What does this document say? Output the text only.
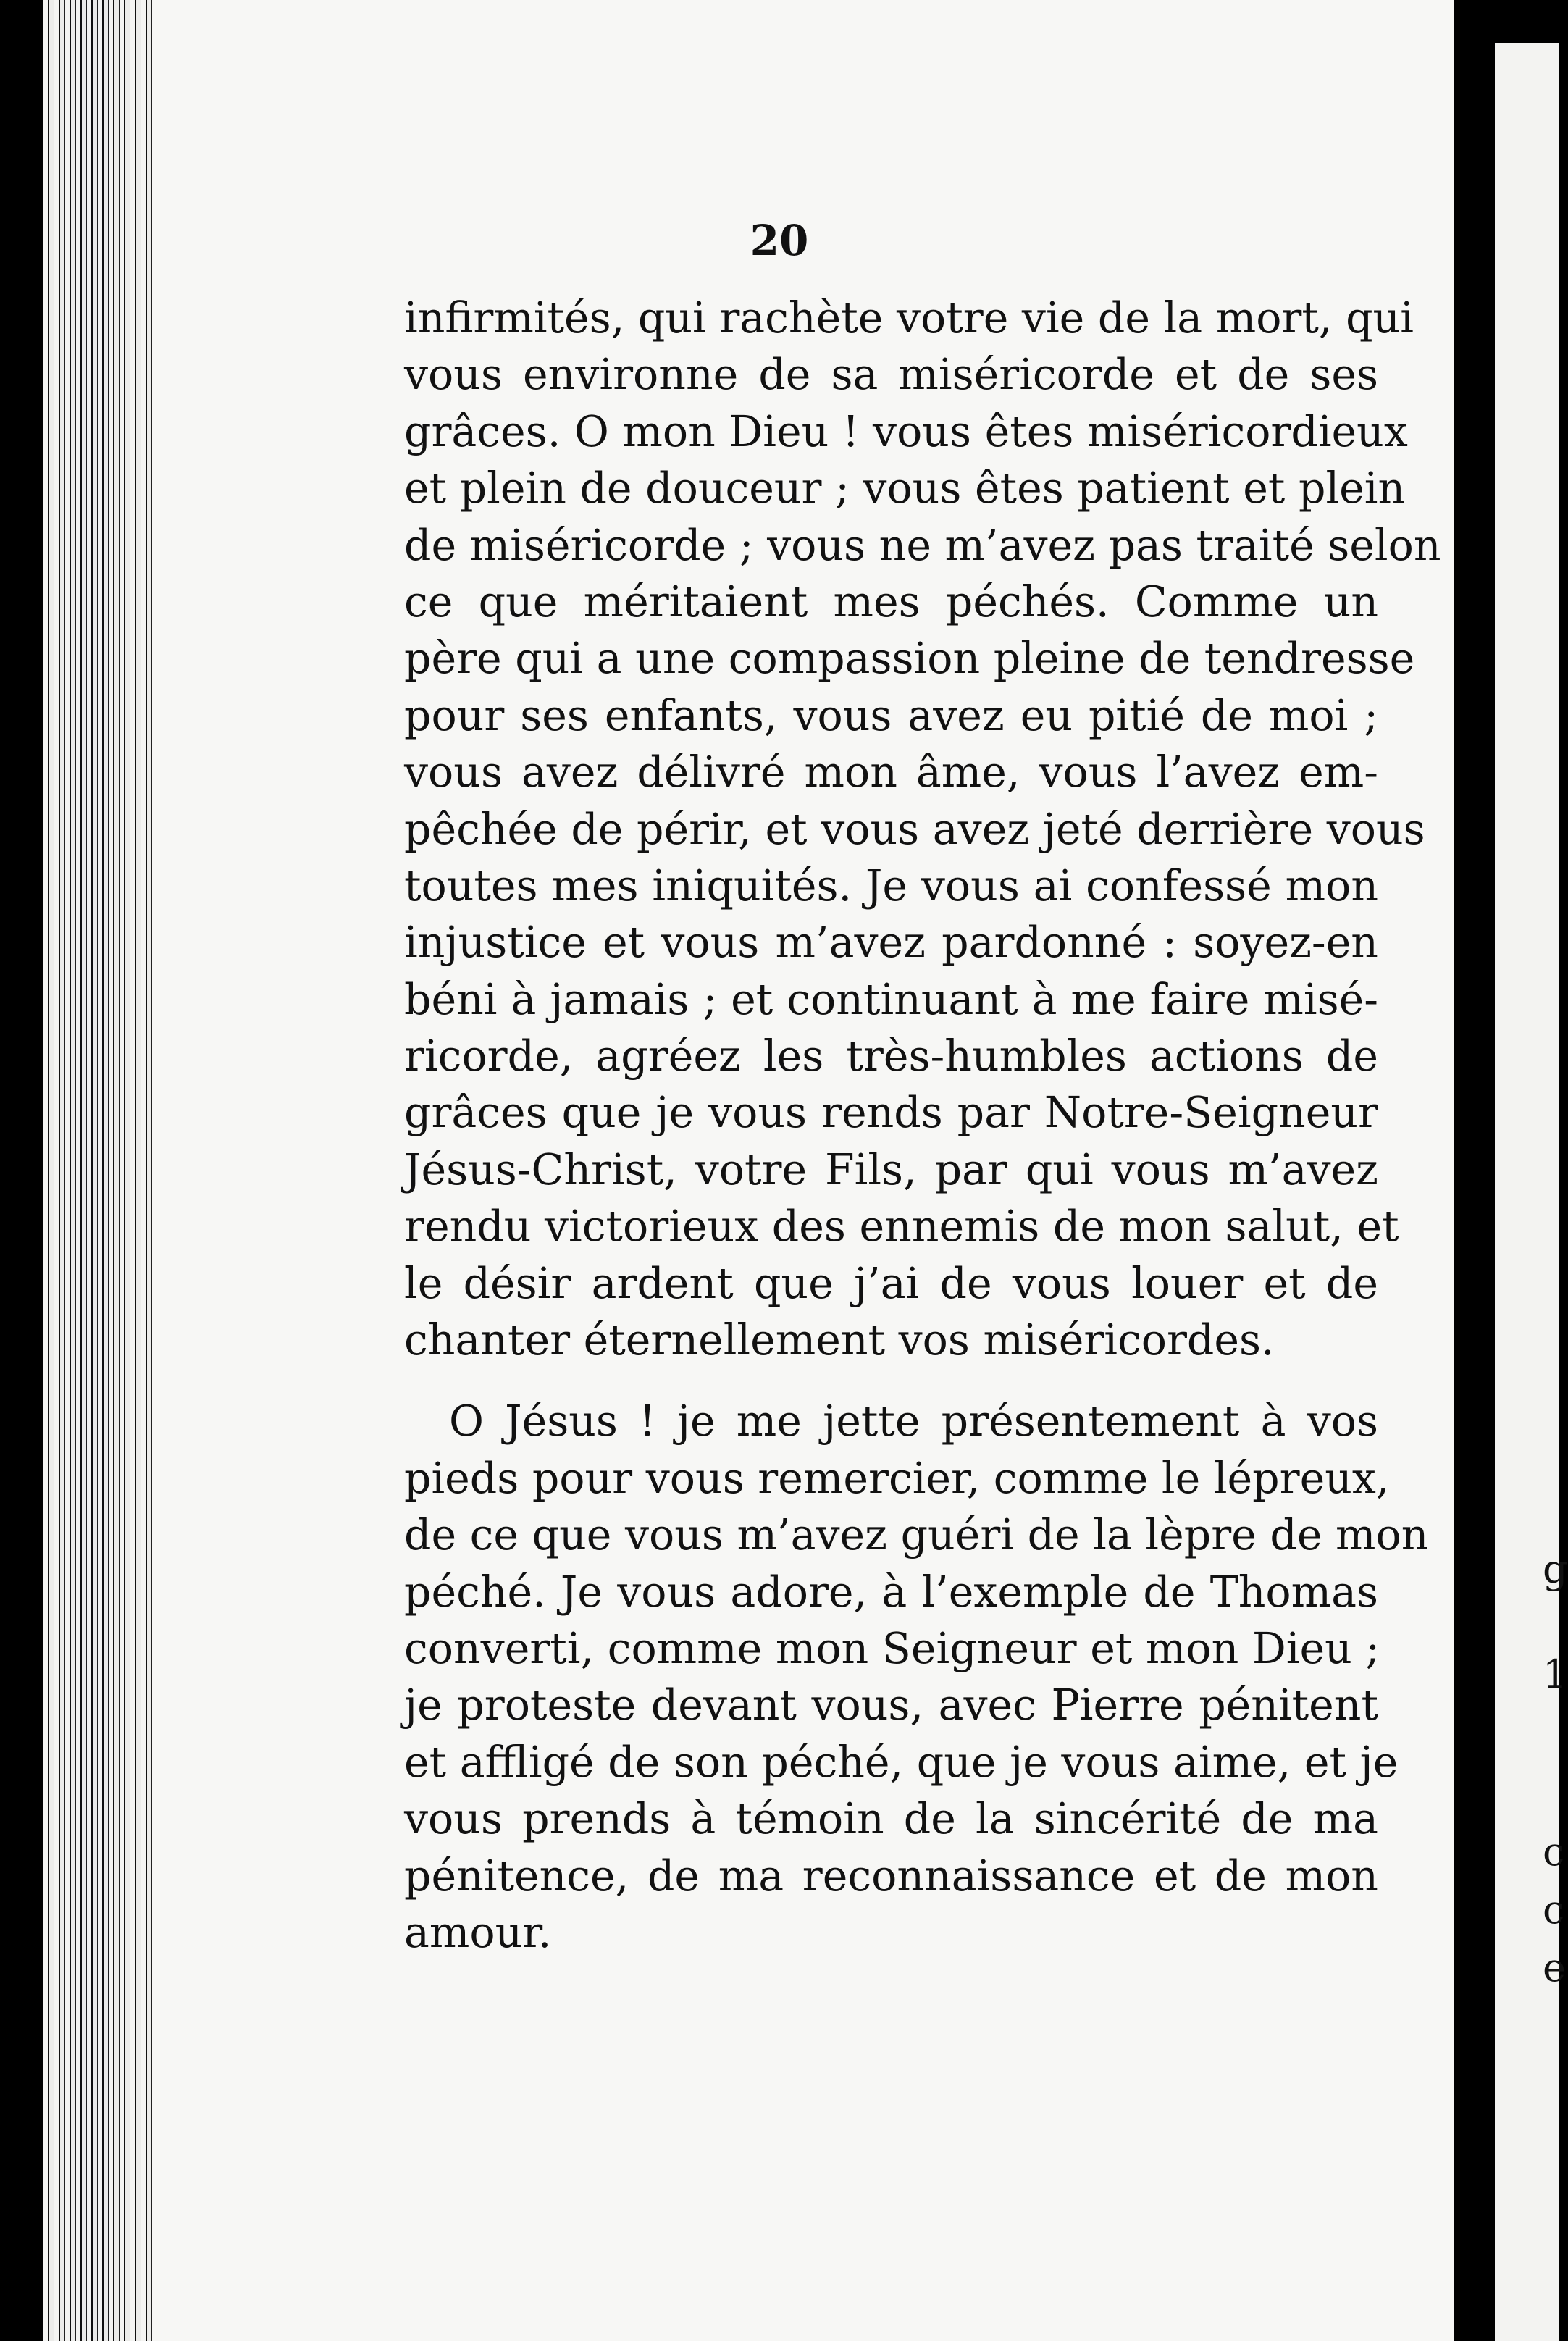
g
1
c
c
e
20
infirmités, qui rachète votre vie de la mort, qui
vous environne de sa miséricorde et de ses
grâces. O mon Dieu ! vous êtes miséricordieux
et plein de douceur ; vous êtes patient et plein
de miséricorde ; vous ne m’avez pas traité selon
ce que méritaient mes péchés. Comme un
père qui a une compassion pleine de tendresse
pour ses enfants, vous avez eu pitié de moi ;
vous avez délivré mon âme, vous l’avez em-
pêchée de périr, et vous avez jeté derrière vous
toutes mes iniquités. Je vous ai confessé mon
injustice et vous m’avez pardonné : soyez-en
béni à jamais ; et continuant à me faire misé-
ricorde, agréez les très-humbles actions de
grâces que je vous rends par Notre-Seigneur
Jésus-Christ, votre Fils, par qui vous m’avez
rendu victorieux des ennemis de mon salut, et
le désir ardent que j’ai de vous louer et de
chanter éternellement vos miséricordes.
O Jésus ! je me jette présentement à vos
pieds pour vous remercier, comme le lépreux,
de ce que vous m’avez guéri de la lèpre de mon
péché. Je vous adore, à l’exemple de Thomas
converti, comme mon Seigneur et mon Dieu ;
je proteste devant vous, avec Pierre pénitent
et affligé de son péché, que je vous aime, et je
vous prends à témoin de la sincérité de ma
pénitence, de ma reconnaissance et de mon
amour.
